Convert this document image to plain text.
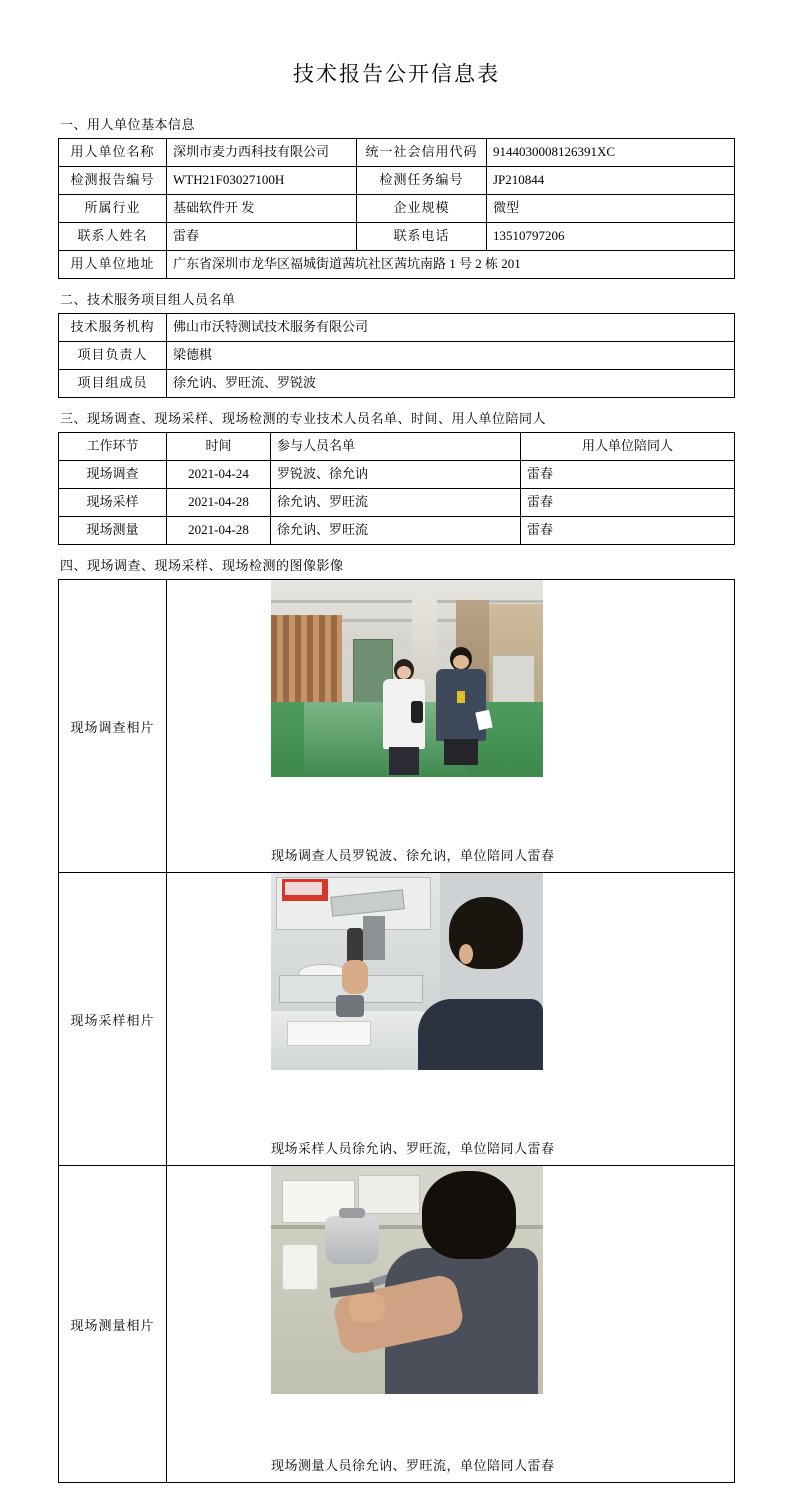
技术报告公开信息表
一、用人单位基本信息
用人单位名称	深圳市麦力西科技有限公司	统一社会信用代码	9144030008126391XC
检测报告编号	WTH21F03027100H	检测任务编号	JP210844
所属行业	基础软件开 发	企业规模	微型
联系人姓名	雷春	联系电话	13510797206
用人单位地址	广东省深圳市龙华区福城街道茜坑社区茜坑南路 1 号 2 栋 201		
二、技术服务项目组人员名单
技术服务机构	佛山市沃特测试技术服务有限公司
项目负责人	梁德棋
项目组成员	徐允讷、罗旺流、罗锐波
三、现场调查、现场采样、现场检测的专业技术人员名单、时间、用人单位陪同人
工作环节	时间	参与人员名单	用人单位陪同人
现场调查	2021-04-24	罗锐波、徐允讷	雷春
现场采样	2021-04-28	徐允讷、罗旺流	雷春
现场测量	2021-04-28	徐允讷、罗旺流	雷春
四、现场调查、现场采样、现场检测的图像影像
现场调查相片	现场调查人员罗锐波、徐允讷，单位陪同人雷春

现场采样相片	现场采样人员徐允讷、罗旺流，单位陪同人雷春

现场测量相片	现场测量人员徐允讷、罗旺流，单位陪同人雷春
